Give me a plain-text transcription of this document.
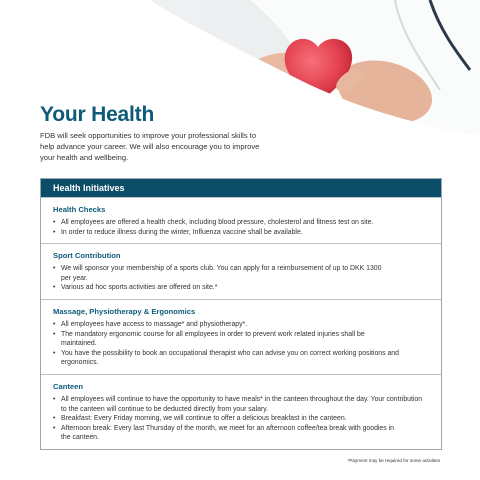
Your Health
FDB will seek opportunities to improve your professional skills to help advance your career. We will also encourage you to improve your health and wellbeing.
Health Initiatives
Health Checks
• All employees are offered a health check, including blood pressure, cholesterol and fitness test on site.
• In order to reduce illness during the winter, Influenza vaccine shall be available.
Sport Contribution
• We will sponsor your membership of a sports club. You can apply for a reimbursement of up to DKK 1300 per year.
• Various ad hoc sports activities are offered on site.*
Massage, Physiotherapy & Ergonomics
• All employees have access to massage* and physiotherapy*.
• The mandatory ergonomic course for all employees in order to prevent work related injuries shall be maintained.
• You have the possibility to book an occupational therapist who can advise you on correct working positions and ergonomics.
Canteen
• All employees will continue to have the opportunity to have meals* in the canteen throughout the day. Your contribution to the canteen will continue to be deducted directly from your salary.
• Breakfast: Every Friday morning, we will continue to offer a delicious breakfast in the canteen.
• Afternoon break: Every last Thursday of the month, we meet for an afternoon coffee/tea break with goodies in the canteen.
*Payment may be required for some activities
